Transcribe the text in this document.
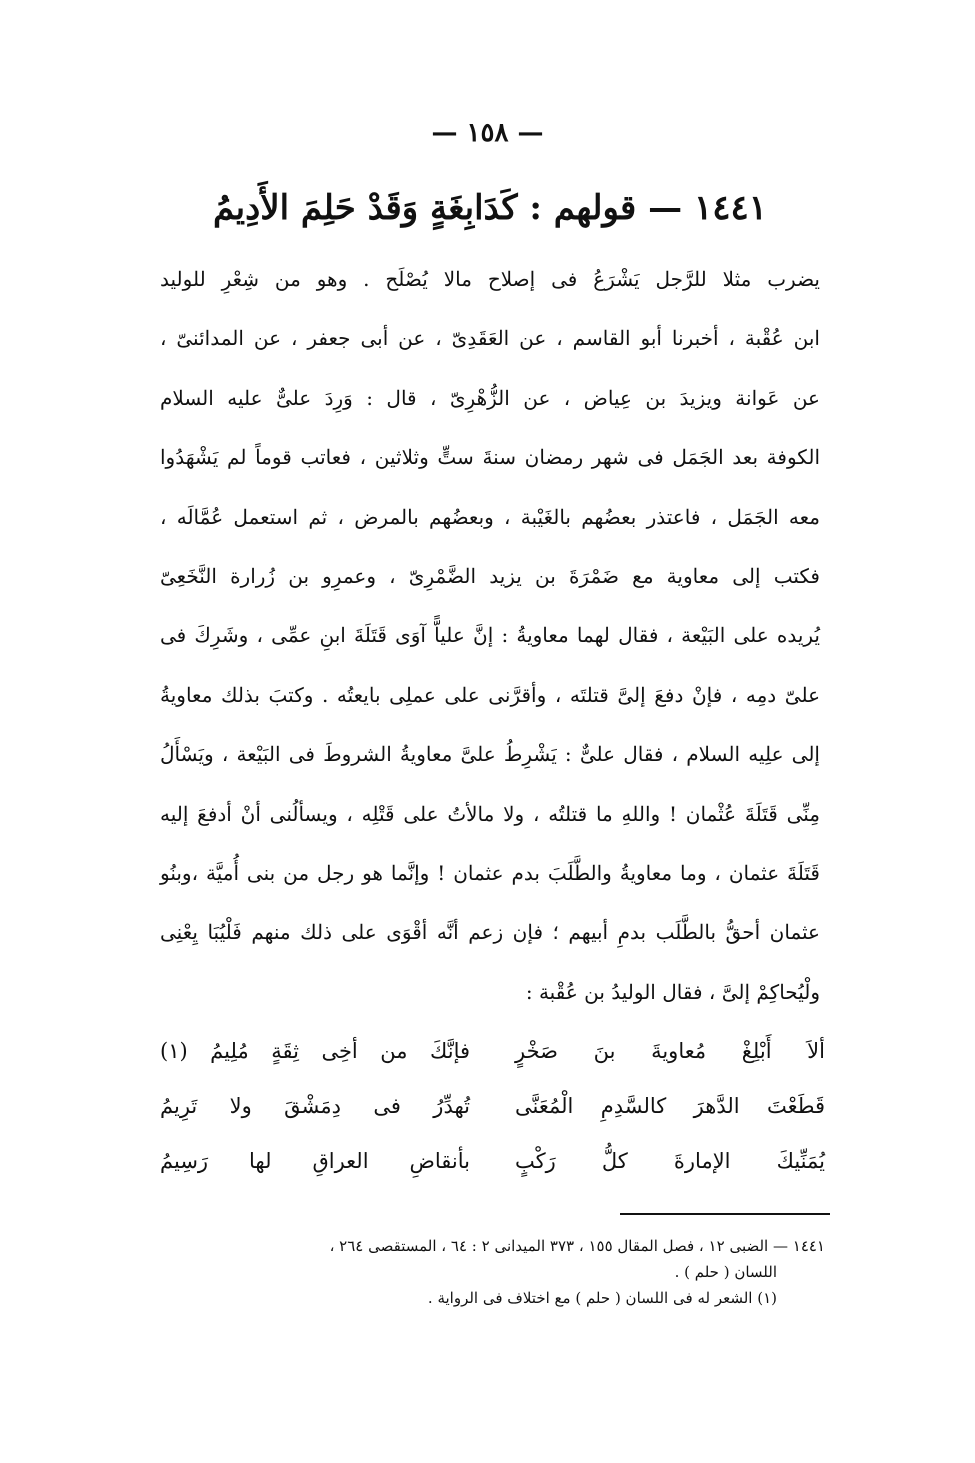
— ١٥٨ —
١٤٤١ — قولهم : كَدَابِغَةٍ وَقَدْ حَلِمَ الأَدِيمُ
يضرب مثلا للرَّجل يَشْرَعُ فى إصلاح مالا يُصْلَح . وهو من شِعْرِ للوليد
ابن عُقْبة ، أخبرنا أبو القاسم ، عن العَقَدِىّ ، عن أبى جعفر ، عن المدائنىّ ،
عن عَوانة ويزيدَ بن عِياض ، عن الزُّهْرِىّ ، قال : وَرِدَ علىٌّ عليه السلام
الكوفة بعد الجَمَل فى شهر رمضان سنةَ ستٍّ وثلاثين ، فعاتب قوماً لم يَشْهَدُوا
معه الجَمَل ، فاعتذر بعضُهم بالغَيْبة ، وبعضُهم بالمرض ، ثم استعمل عُمَّالَه ،
فكتب إلى معاوية مع ضَمْرَةَ بن يزيد الضَّمْرِىّ ، وعمرِو بن زُرارة النَّخَعِىّ
يُريده على البَيْعة ، فقال لهما معاويةُ : إنَّ علياًّ آوَى قَتَلَةَ ابنِ عمِّى ، وشَرِكَ فى
علىّ دمِه ، فإنْ دفعَ إلىَّ قتلتَه ، وأقرَّنى على عملِى بايعتُه . وكتبَ بذلك معاويةُ
إلى علِيه السلام ، فقال علىٌّ : يَشْرِطُ علىَّ معاويةُ الشروطَ فى البَيْعة ، ويَسْأَلُ
مِنِّى قَتَلَةَ عُثْمان ! واللهِ ما قتلتُه ، ولا مالأتُ على قَتْلِه ، ويسألُنى أنْ أدفعَ إليه
قَتَلَةَ عثمان ، وما معاويةُ والطَّلَبَ بدم عثمان ! وإنَّما هو رجل من بنى أُميَّة ،وبنُو
عثمان أحقُّ بالطَّلَب بدمِ أبيهم ؛ فإن زعم أنَّه أقْوَى على ذلك منهم فَلْيُبَا يِعْنِى
ولْيُحاكِمْ إلىَّ ، فقال الوليدُ بن عُقْبة :
ألاَ أَبْلِغْ مُعاويةَ بنَ صَخْرٍ
فإنَّكَ من أخِى ثِقَةٍ مُلِيمُ (١)
قَطَعْتَ الدَّهرَ كالسَّدِمِ الْمُعَنَّى
تُهدِّرُ فى دِمَشْقَ ولا تَرِيمُ
يُمَنِّيكَ الإمارةَ كلُّ رَكْبٍ
بأنقاضِ العراقِ لها رَسِيمُ
١٤٤١ — الضبى ١٢ ، فصل المقال ١٥٥ ، ٣٧٣ الميدانى ٢ : ٦٤ ، المستقصى ٢٦٤ ،
اللسان ( حلم ) .
(١) الشعر له فى اللسان ( حلم ) مع اختلاف فى الرواية .
